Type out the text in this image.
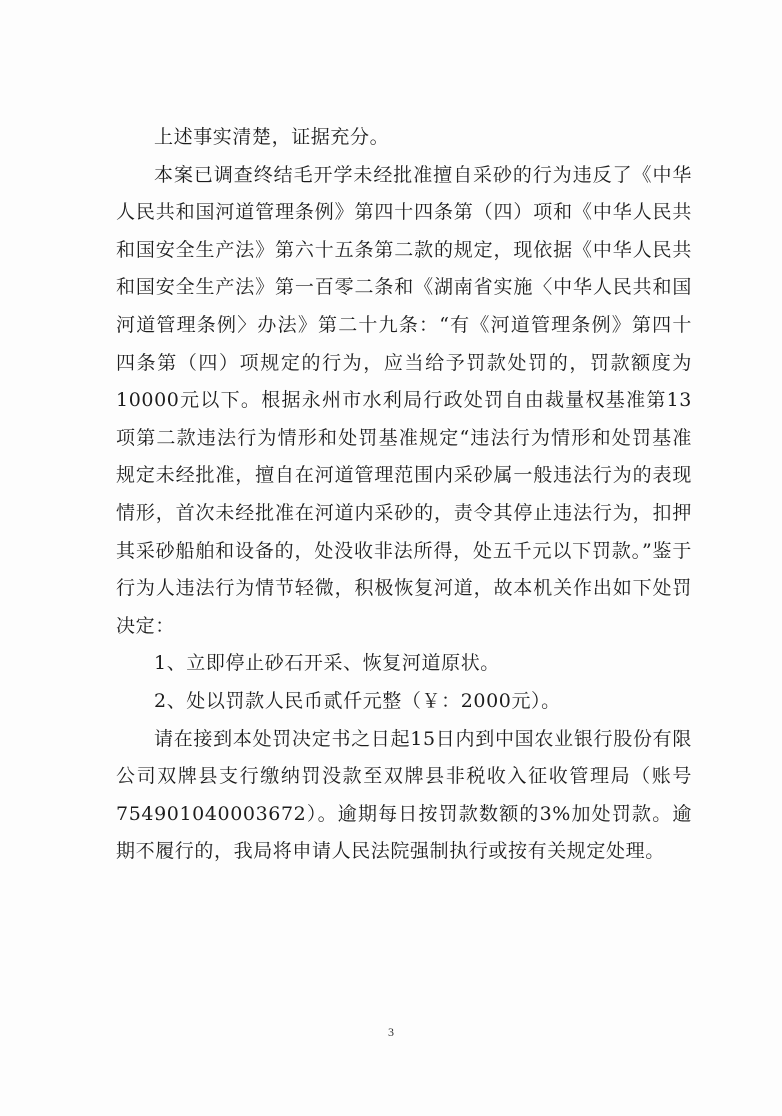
上述事实清楚，证据充分。

本案已调查终结毛开学未经批准擅自采砂的行为违反了《中华人民共和国河道管理条例》第四十四条第（四）项和《中华人民共和国安全生产法》第六十五条第二款的规定，现依据《中华人民共和国安全生产法》第一百零二条和《湖南省实施〈中华人民共和国河道管理条例〉办法》第二十九条：“有《河道管理条例》第四十四条第（四）项规定的行为，应当给予罚款处罚的，罚款额度为10000元以下。根据永州市水利局行政处罚自由裁量权基准第13项第二款违法行为情形和处罚基准规定“违法行为情形和处罚基准规定未经批准，擅自在河道管理范围内采砂属一般违法行为的表现情形，首次未经批准在河道内采砂的，责令其停止违法行为，扣押其采砂船舶和设备的，处没收非法所得，处五千元以下罚款。”鉴于行为人违法行为情节轻微，积极恢复河道，故本机关作出如下处罚决定：

1、立即停止砂石开采、恢复河道原状。

2、处以罚款人民币贰仟元整（￥：2000元）。

请在接到本处罚决定书之日起15日内到中国农业银行股份有限公司双牌县支行缴纳罚没款至双牌县非税收入征收管理局（账号754901040003672）。逾期每日按罚款数额的3%加处罚款。逾期不履行的，我局将申请人民法院强制执行或按有关规定处理。

3
